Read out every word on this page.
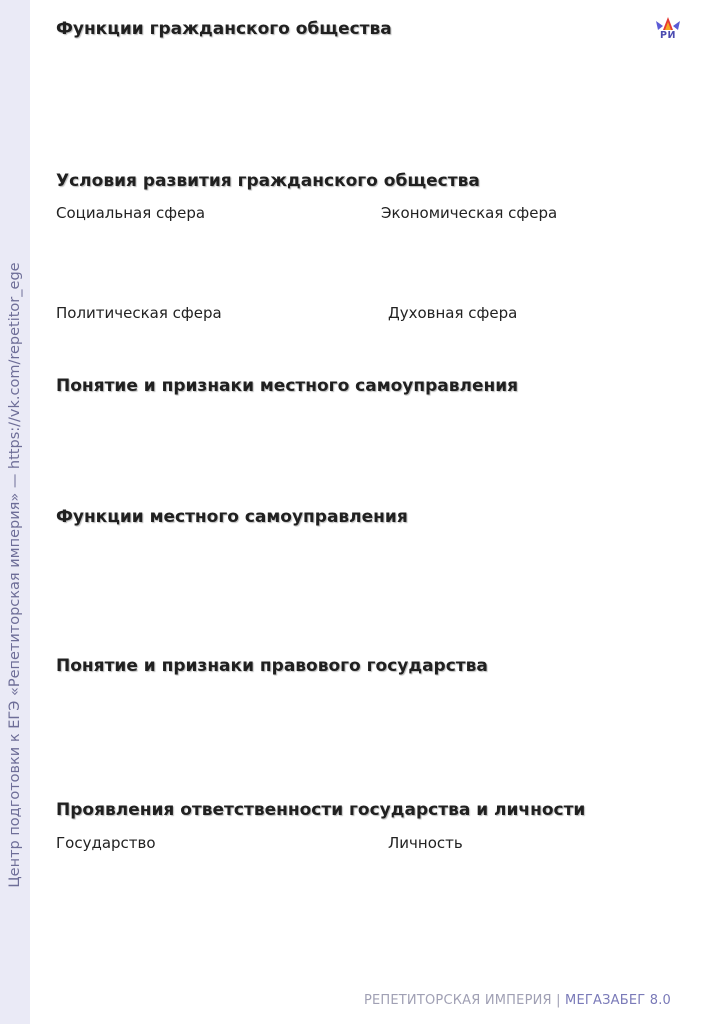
Центр подготовки к ЕГЭ «Репетиторская империя» — https://vk.com/repetitor_ege
РИ
Функции гражданского общества
Условия развития гражданского общества
Социальная сфера	Экономическая сфера
Политическая сфера	Духовная сфера
Понятие и признаки местного самоуправления
Функции местного самоуправления
Понятие и признаки правового государства
Проявления ответственности государства и личности
Государство	Личность
РЕПЕТИТОРСКАЯ ИМПЕРИЯ | МЕГАЗАБЕГ 8.0
